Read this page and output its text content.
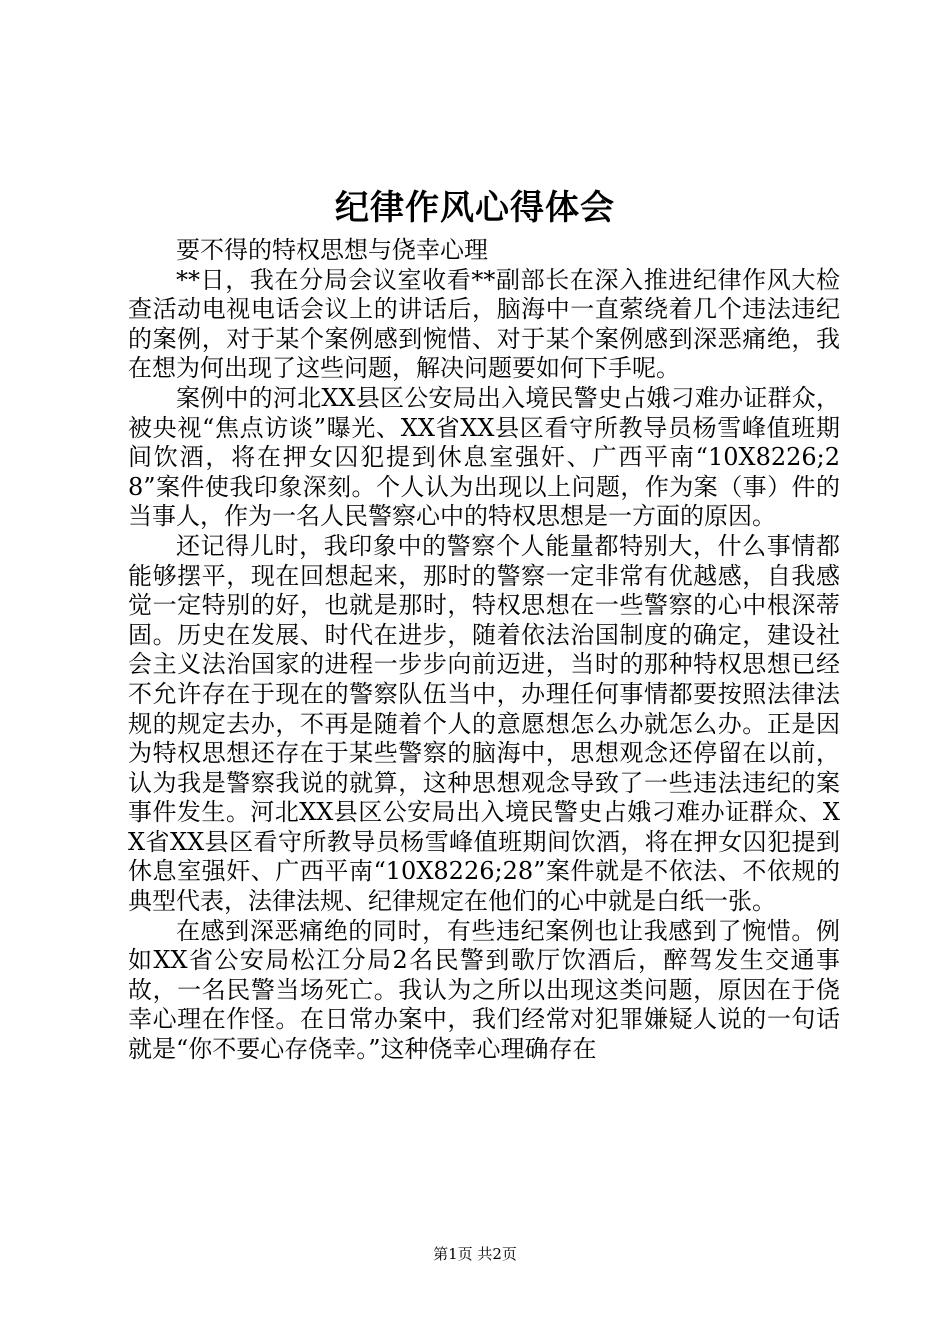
纪律作风心得体会

要不得的特权思想与侥幸心理

**日，我在分局会议室收看**副部长在深入推进纪律作风大检查活动电视电话会议上的讲话后，脑海中一直萦绕着几个违法违纪的案例，对于某个案例感到惋惜、对于某个案例感到深恶痛绝，我在想为何出现了这些问题，解决问题要如何下手呢。

案例中的河北XX县区公安局出入境民警史占娥刁难办证群众，被央视“焦点访谈”曝光、XX省XX县区看守所教导员杨雪峰值班期间饮酒，将在押女囚犯提到休息室强奸、广西平南“10X8226;28”案件使我印象深刻。个人认为出现以上问题，作为案（事）件的当事人，作为一名人民警察心中的特权思想是一方面的原因。

还记得儿时，我印象中的警察个人能量都特别大，什么事情都能够摆平，现在回想起来，那时的警察一定非常有优越感，自我感觉一定特别的好，也就是那时，特权思想在一些警察的心中根深蒂固。历史在发展、时代在进步，随着依法治国制度的确定，建设社会主义法治国家的进程一步步向前迈进，当时的那种特权思想已经不允许存在于现在的警察队伍当中，办理任何事情都要按照法律法规的规定去办，不再是随着个人的意愿想怎么办就怎么办。正是因为特权思想还存在于某些警察的脑海中，思想观念还停留在以前，认为我是警察我说的就算，这种思想观念导致了一些违法违纪的案事件发生。河北XX县区公安局出入境民警史占娥刁难办证群众、XX省XX县区看守所教导员杨雪峰值班期间饮酒，将在押女囚犯提到休息室强奸、广西平南“10X8226;28”案件就是不依法、不依规的典型代表，法律法规、纪律规定在他们的心中就是白纸一张。

在感到深恶痛绝的同时，有些违纪案例也让我感到了惋惜。例如XX省公安局松江分局2名民警到歌厅饮酒后，醉驾发生交通事故，一名民警当场死亡。我认为之所以出现这类问题，原因在于侥幸心理在作怪。在日常办案中，我们经常对犯罪嫌疑人说的一句话就是“你不要心存侥幸。”这种侥幸心理确存在

第1页 共2页
